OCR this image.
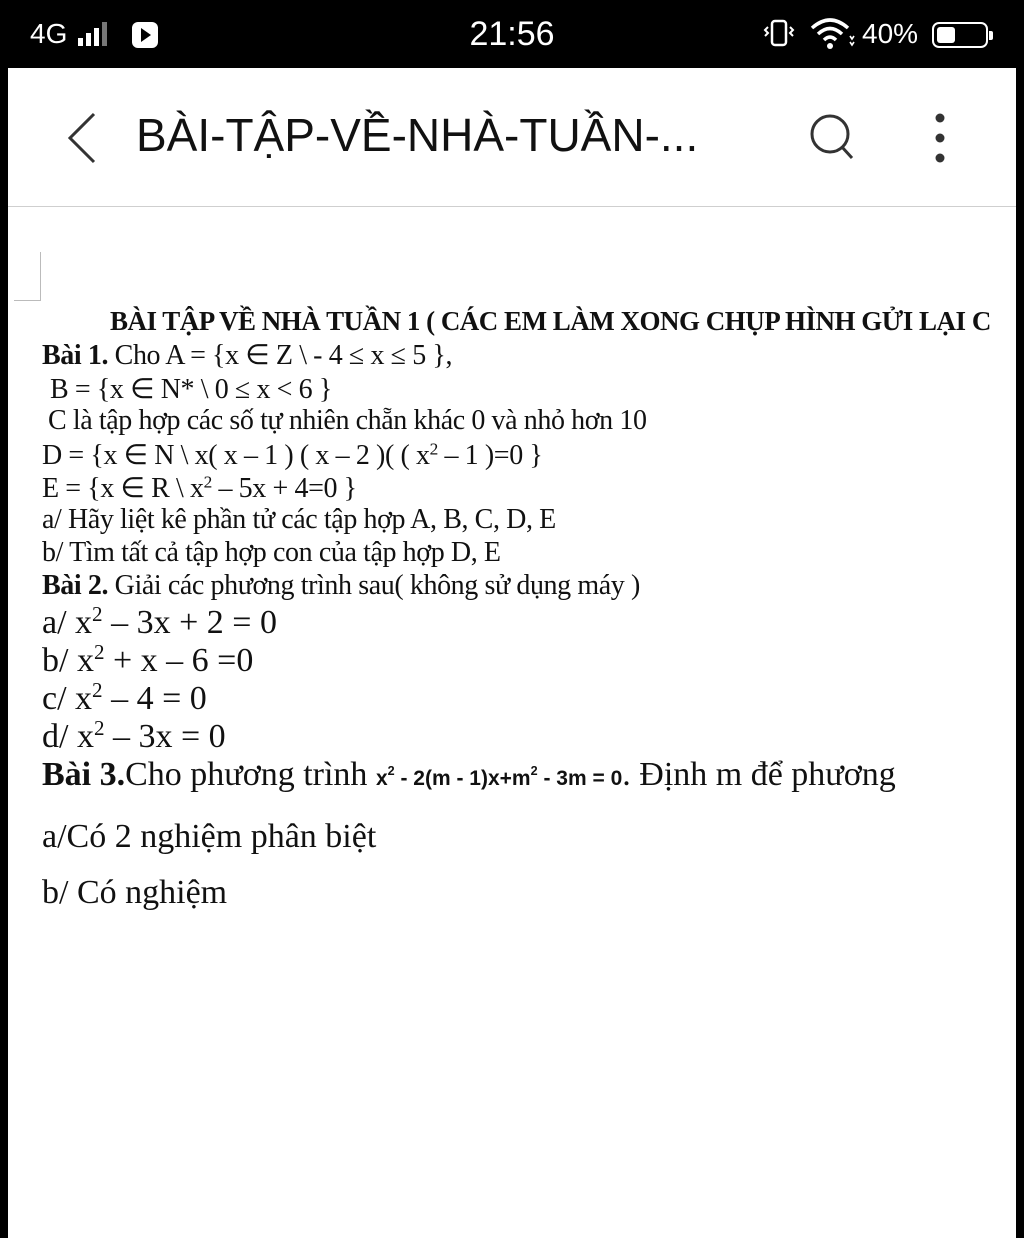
4G	21:56	40%
BÀI-TẬP-VỀ-NHÀ-TUẦN-...
BÀI TẬP VỀ NHÀ TUẦN 1 ( CÁC EM LÀM XONG CHỤP HÌNH GỬI LẠI C
Bài 1. Cho A = {x ∈ Z \ - 4 ≤ x ≤ 5 },
B = {x ∈ N* \ 0 ≤ x < 6 }
C là tập hợp các số tự nhiên chẵn khác 0 và nhỏ hơn 10
D = {x ∈ N \ x( x – 1 ) ( x – 2 )( ( $x^2 - 1$ )=0 }
E = {x ∈ R \ $x^2 - 5x + 4=0$ }
a/ Hãy liệt kê phần tử các tập hợp A, B, C, D, E
b/ Tìm tất cả tập hợp con của tập hợp D, E
Bài 2. Giải các phương trình sau( không sử dụng máy )
a/ $x^2 - 3x + 2 = 0$
b/ $x^2 + x - 6 =0$
c/ $x^2 - 4 = 0$
d/ $x^2 - 3x = 0$
Bài 3.Cho phương trình $x^2 - 2(m - 1)x+m^2 - 3m = 0$. Định m để phương
a/Có 2 nghiệm phân biệt
b/ Có nghiệm
